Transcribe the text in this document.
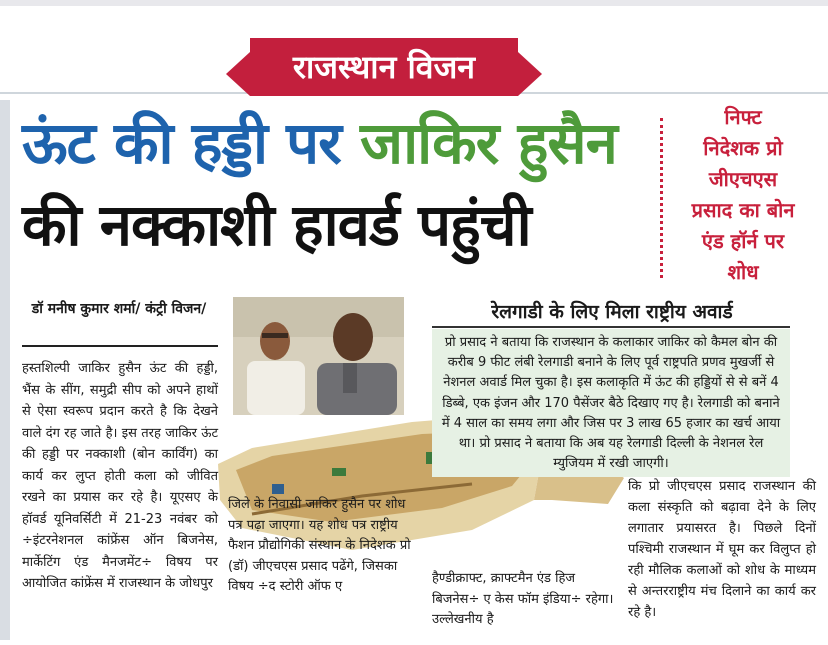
राजस्थान विजन
ऊंट की हड्डी पर जाकिर हुसैन
की नक्काशी हावर्ड पहुंची
निफ्ट
निदेशक प्रो
जीएचएस
प्रसाद का बोन
एंड हॉर्न पर
शोध
डॉ मनीष कुमार शर्मा/ कंट्री विजन/
हस्तशिल्पी जाकिर हुसैन ऊंट की हड्डी, भैंस के सींग, समुद्री सीप को अपने हाथों से ऐसा स्वरूप प्रदान करते है कि देखने वाले दंग रह जाते है। इस तरह जाकिर ऊंट की हड्डी पर नक्काशी (बोन कार्विंग) का कार्य कर लुप्त होती कला को जीवित रखने का प्रयास कर रहे है। यूएसए के हॉवर्ड यूनिवर्सिटी में 21-23 नवंबर को ÷इंटरनेशनल कांफ्रेंस ऑन बिजनेस, मार्केटिंग एंड मैनजमेंट÷ विषय पर आयोजित कांफ्रेंस में राजस्थान के जोधपुर
रेलगाडी के लिए मिला राष्ट्रीय अवार्ड
प्रो प्रसाद ने बताया कि राजस्थान के कलाकार जाकिर को कैमल बोन की करीब 9 फीट लंबी रेलगाडी बनाने के लिए पूर्व राष्ट्रपति प्रणव मुखर्जी से नेशनल अवार्ड मिल चुका है। इस कलाकृति में ऊंट की हड्डियों से से बनें 4 डिब्बे, एक इंजन और 170 पैसेंजर बैठे दिखाए गए है। रेलगाडी को बनाने में 4 साल का समय लगा और जिस पर 3 लाख 65 हजार का खर्च आया था। प्रो प्रसाद ने बताया कि अब यह रेलगाडी दिल्ली के नेशनल रेल म्युजियम में रखी जाएगी।
जिले के निवासी जाकिर हुसैन पर शोध पत्र पढ़ा जाएगा। यह शोध पत्र राष्ट्रीय फैशन प्रौद्योगिकी संस्थान के निदेशक प्रो (डॉ) जीएचएस प्रसाद पढेंगे, जिसका विषय ÷द स्टोरी ऑफ ए
हैण्डीक्राफ्ट, क्राफ्टमैन एंड हिज बिजनेस÷ ए केस फॉम इंडिया÷ रहेगा। उल्लेखनीय है
कि प्रो जीएचएस प्रसाद राजस्थान की कला संस्कृति को बढ़ावा देने के लिए लगातार प्रयासरत है। पिछले दिनों पश्चिमी राजस्थान में घूम कर विलुप्त हो रही मौलिक कलाओं को शोध के माध्यम से अन्तरराष्ट्रीय मंच दिलाने का कार्य कर रहे है।
